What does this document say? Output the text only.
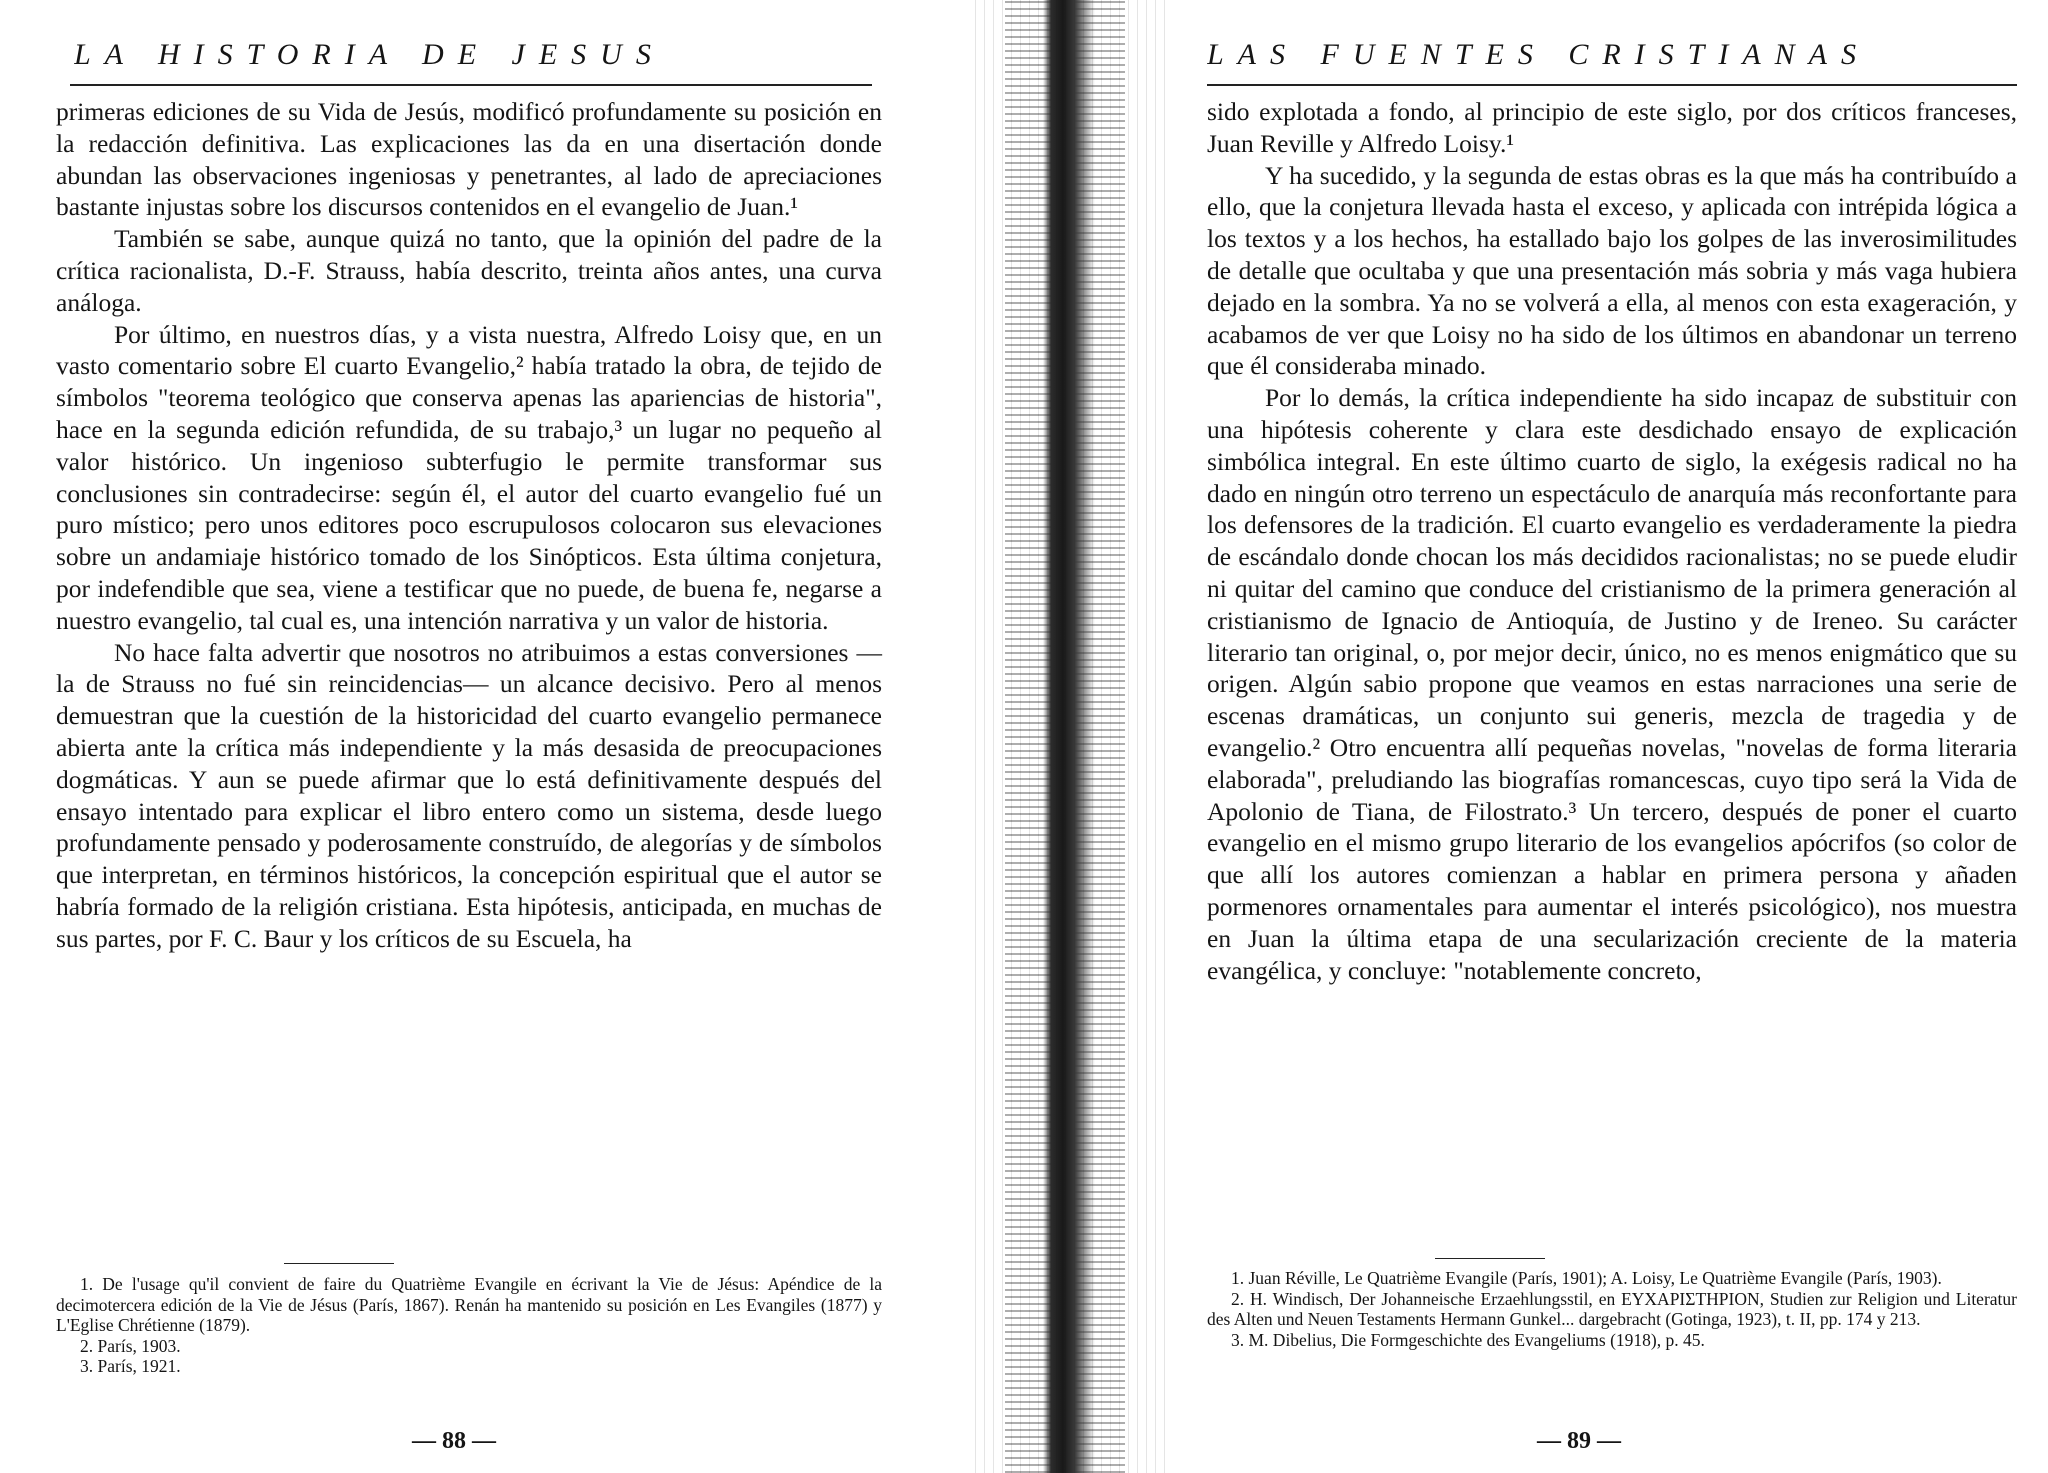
LA HISTORIA DE JESUS

primeras ediciones de su Vida de Jesús, modificó profundamente su posición en la redacción definitiva. Las explicaciones las da en una disertación donde abundan las observaciones ingeniosas y penetrantes, al lado de apreciaciones bastante injustas sobre los discursos contenidos en el evangelio de Juan.¹

También se sabe, aunque quizá no tanto, que la opinión del padre de la crítica racionalista, D.-F. Strauss, había descrito, treinta años antes, una curva análoga.

Por último, en nuestros días, y a vista nuestra, Alfredo Loisy que, en un vasto comentario sobre El cuarto Evangelio,² había tratado la obra, de tejido de símbolos "teorema teológico que conserva apenas las apariencias de historia", hace en la segunda edición refundida, de su trabajo,³ un lugar no pequeño al valor histórico. Un ingenioso subterfugio le permite transformar sus conclusiones sin contradecirse: según él, el autor del cuarto evangelio fué un puro místico; pero unos editores poco escrupulosos colocaron sus elevaciones sobre un andamiaje histórico tomado de los Sinópticos. Esta última conjetura, por indefendible que sea, viene a testificar que no puede, de buena fe, negarse a nuestro evangelio, tal cual es, una intención narrativa y un valor de historia.

No hace falta advertir que nosotros no atribuimos a estas conversiones —la de Strauss no fué sin reincidencias— un alcance decisivo. Pero al menos demuestran que la cuestión de la historicidad del cuarto evangelio permanece abierta ante la crítica más independiente y la más desasida de preocupaciones dogmáticas. Y aun se puede afirmar que lo está definitivamente después del ensayo intentado para explicar el libro entero como un sistema, desde luego profundamente pensado y poderosamente construído, de alegorías y de símbolos que interpretan, en términos históricos, la concepción espiritual que el autor se habría formado de la religión cristiana. Esta hipótesis, anticipada, en muchas de sus partes, por F. C. Baur y los críticos de su Escuela, ha

1. De l'usage qu'il convient de faire du Quatrième Evangile en écrivant la Vie de Jésus: Apéndice de la decimotercera edición de la Vie de Jésus (París, 1867). Renán ha mantenido su posición en Les Evangiles (1877) y L'Eglise Chrétienne (1879).

2. París, 1903.

3. París, 1921.

— 88 —
LAS FUENTES CRISTIANAS

sido explotada a fondo, al principio de este siglo, por dos críticos franceses, Juan Reville y Alfredo Loisy.¹

Y ha sucedido, y la segunda de estas obras es la que más ha contribuído a ello, que la conjetura llevada hasta el exceso, y aplicada con intrépida lógica a los textos y a los hechos, ha estallado bajo los golpes de las inverosimilitudes de detalle que ocultaba y que una presentación más sobria y más vaga hubiera dejado en la sombra. Ya no se volverá a ella, al menos con esta exageración, y acabamos de ver que Loisy no ha sido de los últimos en abandonar un terreno que él consideraba minado.

Por lo demás, la crítica independiente ha sido incapaz de substituir con una hipótesis coherente y clara este desdichado ensayo de explicación simbólica integral. En este último cuarto de siglo, la exégesis radical no ha dado en ningún otro terreno un espectáculo de anarquía más reconfortante para los defensores de la tradición. El cuarto evangelio es verdaderamente la piedra de escándalo donde chocan los más decididos racionalistas; no se puede eludir ni quitar del camino que conduce del cristianismo de la primera generación al cristianismo de Ignacio de Antioquía, de Justino y de Ireneo. Su carácter literario tan original, o, por mejor decir, único, no es menos enigmático que su origen. Algún sabio propone que veamos en estas narraciones una serie de escenas dramáticas, un conjunto sui generis, mezcla de tragedia y de evangelio.² Otro encuentra allí pequeñas novelas, "novelas de forma literaria elaborada", preludiando las biografías romancescas, cuyo tipo será la Vida de Apolonio de Tiana, de Filostrato.³ Un tercero, después de poner el cuarto evangelio en el mismo grupo literario de los evangelios apócrifos (so color de que allí los autores comienzan a hablar en primera persona y añaden pormenores ornamentales para aumentar el interés psicológico), nos muestra en Juan la última etapa de una secularización creciente de la materia evangélica, y concluye: "notablemente concreto,

1. Juan Réville, Le Quatrième Evangile (París, 1901); A. Loisy, Le Quatrième Evangile (París, 1903).

2. H. Windisch, Der Johanneische Erzaehlungsstil, en ΕΥΧΑΡΙΣΤΗΡΙΟΝ, Studien zur Religion und Literatur des Alten und Neuen Testaments Hermann Gunkel... dargebracht (Gotinga, 1923), t. II, pp. 174 y 213.

3. M. Dibelius, Die Formgeschichte des Evangeliums (1918), p. 45.

— 89 —
